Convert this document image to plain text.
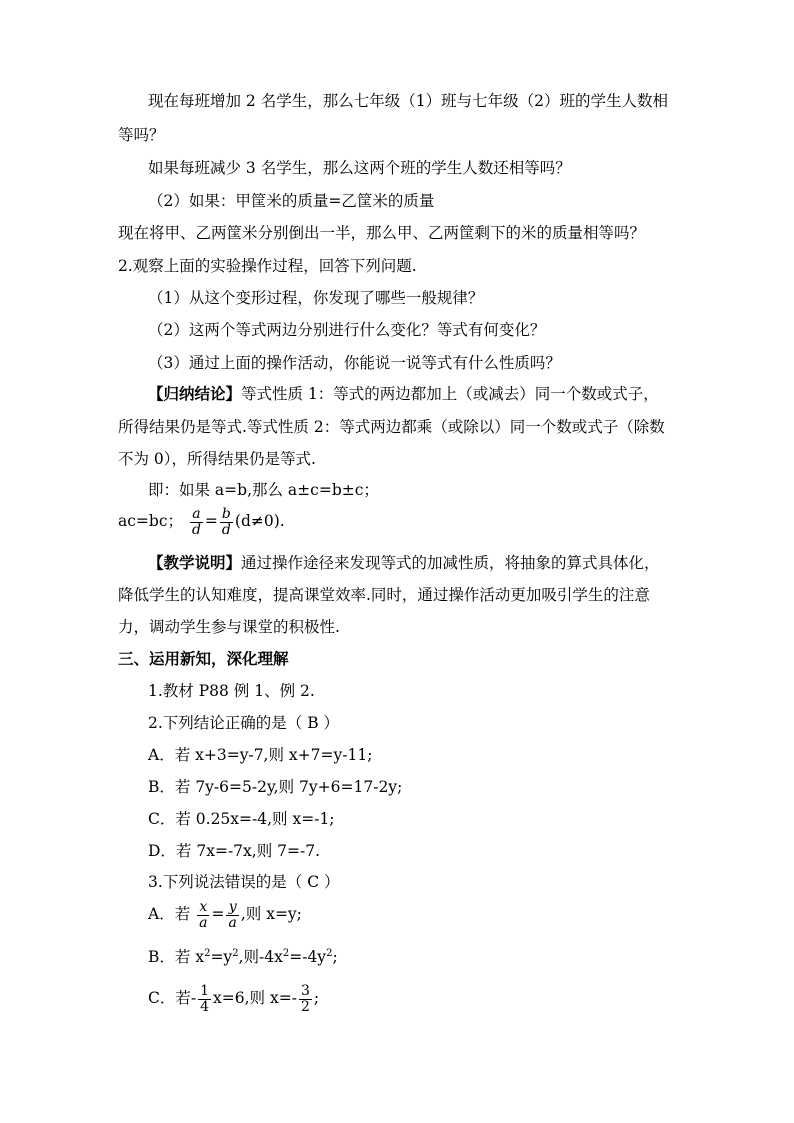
现在每班增加 2 名学生，那么七年级（1）班与七年级（2）班的学生人数相
等吗？
如果每班减少 3 名学生，那么这两个班的学生人数还相等吗？
（2）如果：甲筐米的质量=乙筐米的质量
现在将甲、乙两筐米分别倒出一半，那么甲、乙两筐剩下的米的质量相等吗？
2.观察上面的实验操作过程，回答下列问题.
（1）从这个变形过程，你发现了哪些一般规律？
（2）这两个等式两边分别进行什么变化？等式有何变化？
（3）通过上面的操作活动，你能说一说等式有什么性质吗？
【归纳结论】等式性质 1：等式的两边都加上（或减去）同一个数或式子，
所得结果仍是等式.等式性质 2：等式两边都乘（或除以）同一个数或式子（除数
不为 0），所得结果仍是等式.
即：如果 a=b,那么 a±c=b±c；
ac=bc； $\frac{a}{d} = \frac{b}{d} (d\ne 0)$.
【教学说明】通过操作途径来发现等式的加减性质，将抽象的算式具体化，
降低学生的认知难度，提高课堂效率.同时，通过操作活动更加吸引学生的注意
力，调动学生参与课堂的积极性.
三、运用新知，深化理解
1.教材 P88 例 1、例 2.
2.下列结论正确的是（ B ）
A．若 x+3=y-7,则 x+7=y-11;
B．若 7y-6=5-2y,则 7y+6=17-2y;
C．若 0.25x=-4,则 x=-1;
D．若 7x=-7x,则 7=-7.
3.下列说法错误的是（ C ）
A．若 $\frac{x}{a} = \frac{y}{a}$ ,则 x=y;
B．若 $x^2=y^2$,则$-4x^2=-4y^2$;
C．若- $\frac{1}{4} x=6$,则 $x=- \frac{3}{2}$ ;
